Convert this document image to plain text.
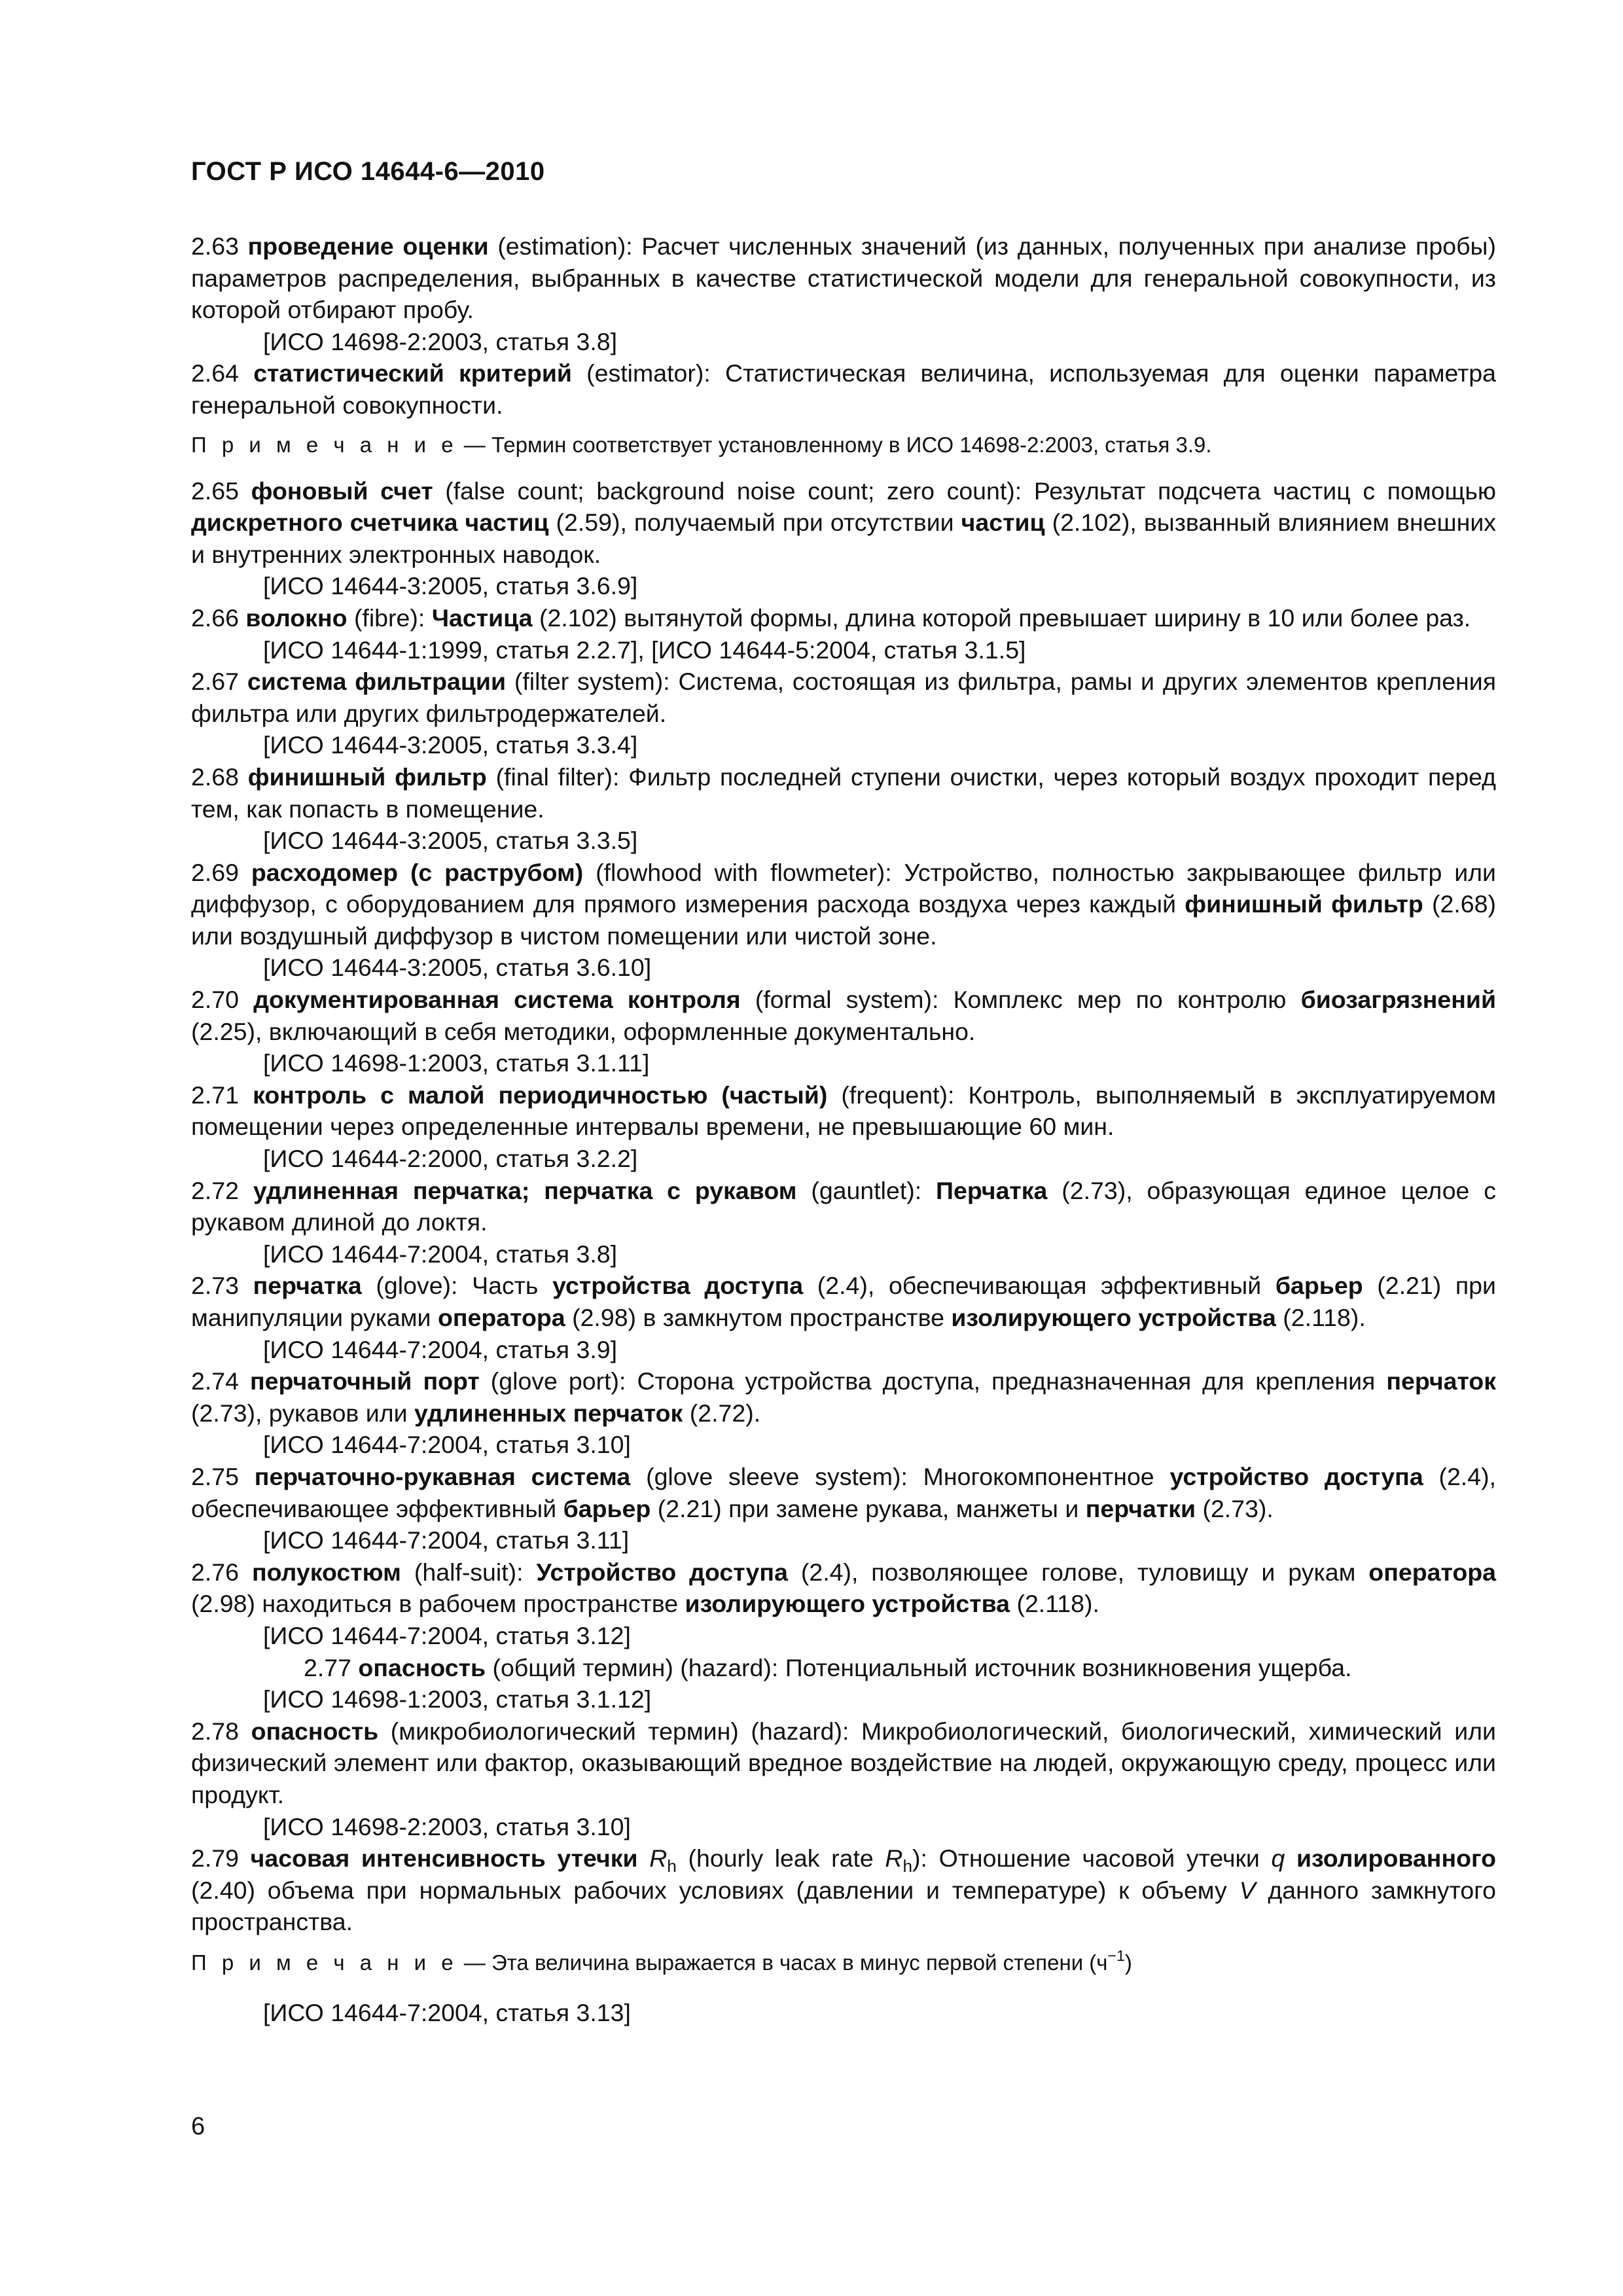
ГОСТ Р ИСО 14644-6—2010

2.63 проведение оценки (estimation): Расчет численных значений (из данных, полученных при анализе пробы) параметров распределения, выбранных в качестве статистической модели для генеральной совокупности, из которой отбирают пробу.

[ИСО 14698-2:2003, статья 3.8]

2.64 статистический критерий (estimator): Статистическая величина, используемая для оценки параметра генеральной совокупности.

П р и м е ч а н и е — Термин соответствует установленному в ИСО 14698-2:2003, статья 3.9.

2.65 фоновый счет (false count; background noise count; zero count): Результат подсчета частиц с помощью дискретного счетчика частиц (2.59), получаемый при отсутствии частиц (2.102), вызванный влиянием внешних и внутренних электронных наводок.

[ИСО 14644-3:2005, статья 3.6.9]

2.66 волокно (fibre): Частица (2.102) вытянутой формы, длина которой превышает ширину в 10 или более раз.

[ИСО 14644-1:1999, статья 2.2.7], [ИСО 14644-5:2004, статья 3.1.5]

2.67 система фильтрации (filter system): Система, состоящая из фильтра, рамы и других элементов крепления фильтра или других фильтродержателей.

[ИСО 14644-3:2005, статья 3.3.4]

2.68 финишный фильтр (final filter): Фильтр последней ступени очистки, через который воздух проходит перед тем, как попасть в помещение.

[ИСО 14644-3:2005, статья 3.3.5]

2.69 расходомер (с раструбом) (flowhood with flowmeter): Устройство, полностью закрывающее фильтр или диффузор, с оборудованием для прямого измерения расхода воздуха через каждый финишный фильтр (2.68) или воздушный диффузор в чистом помещении или чистой зоне.

[ИСО 14644-3:2005, статья 3.6.10]

2.70 документированная система контроля (formal system): Комплекс мер по контролю биозагрязнений (2.25), включающий в себя методики, оформленные документально.

[ИСО 14698-1:2003, статья 3.1.11]

2.71 контроль с малой периодичностью (частый) (frequent): Контроль, выполняемый в эксплуатируемом помещении через определенные интервалы времени, не превышающие 60 мин.

[ИСО 14644-2:2000, статья 3.2.2]

2.72 удлиненная перчатка; перчатка с рукавом (gauntlet): Перчатка (2.73), образующая единое целое с рукавом длиной до локтя.

[ИСО 14644-7:2004, статья 3.8]

2.73 перчатка (glove): Часть устройства доступа (2.4), обеспечивающая эффективный барьер (2.21) при манипуляции руками оператора (2.98) в замкнутом пространстве изолирующего устройства (2.118).

[ИСО 14644-7:2004, статья 3.9]

2.74 перчаточный порт (glove port): Сторона устройства доступа, предназначенная для крепления перчаток (2.73), рукавов или удлиненных перчаток (2.72).

[ИСО 14644-7:2004, статья 3.10]

2.75 перчаточно-рукавная система (glove sleeve system): Многокомпонентное устройство доступа (2.4), обеспечивающее эффективный барьер (2.21) при замене рукава, манжеты и перчатки (2.73).

[ИСО 14644-7:2004, статья 3.11]

2.76 полукостюм (half-suit): Устройство доступа (2.4), позволяющее голове, туловищу и рукам оператора (2.98) находиться в рабочем пространстве изолирующего устройства (2.118).

[ИСО 14644-7:2004, статья 3.12]

2.77 опасность (общий термин) (hazard): Потенциальный источник возникновения ущерба.

[ИСО 14698-1:2003, статья 3.1.12]

2.78 опасность (микробиологический термин) (hazard): Микробиологический, биологический, химический или физический элемент или фактор, оказывающий вредное воздействие на людей, окружающую среду, процесс или продукт.

[ИСО 14698-2:2003, статья 3.10]

2.79 часовая интенсивность утечки $R_h$ (hourly leak rate $R_h$): Отношение часовой утечки q изолированного (2.40) объема при нормальных рабочих условиях (давлении и температуре) к объему V данного замкнутого пространства.

П р и м е ч а н и е — Эта величина выражается в часах в минус первой степени $(ч^{-1})$

[ИСО 14644-7:2004, статья 3.13]

6
